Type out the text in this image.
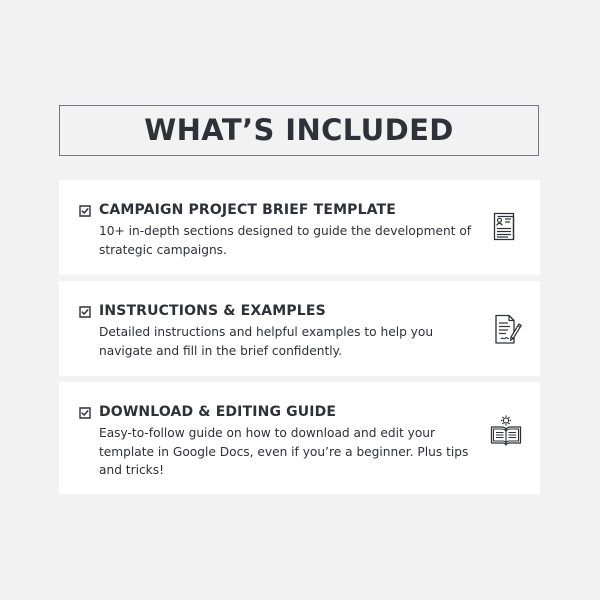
WHAT’S INCLUDED
CAMPAIGN PROJECT BRIEF TEMPLATE
10+ in-depth sections designed to guide the development of strategic campaigns.
INSTRUCTIONS & EXAMPLES
Detailed instructions and helpful examples to help you navigate and fill in the brief confidently.
DOWNLOAD & EDITING GUIDE
Easy-to-follow guide on how to download and edit your template in Google Docs, even if you’re a beginner. Plus tips and tricks!
